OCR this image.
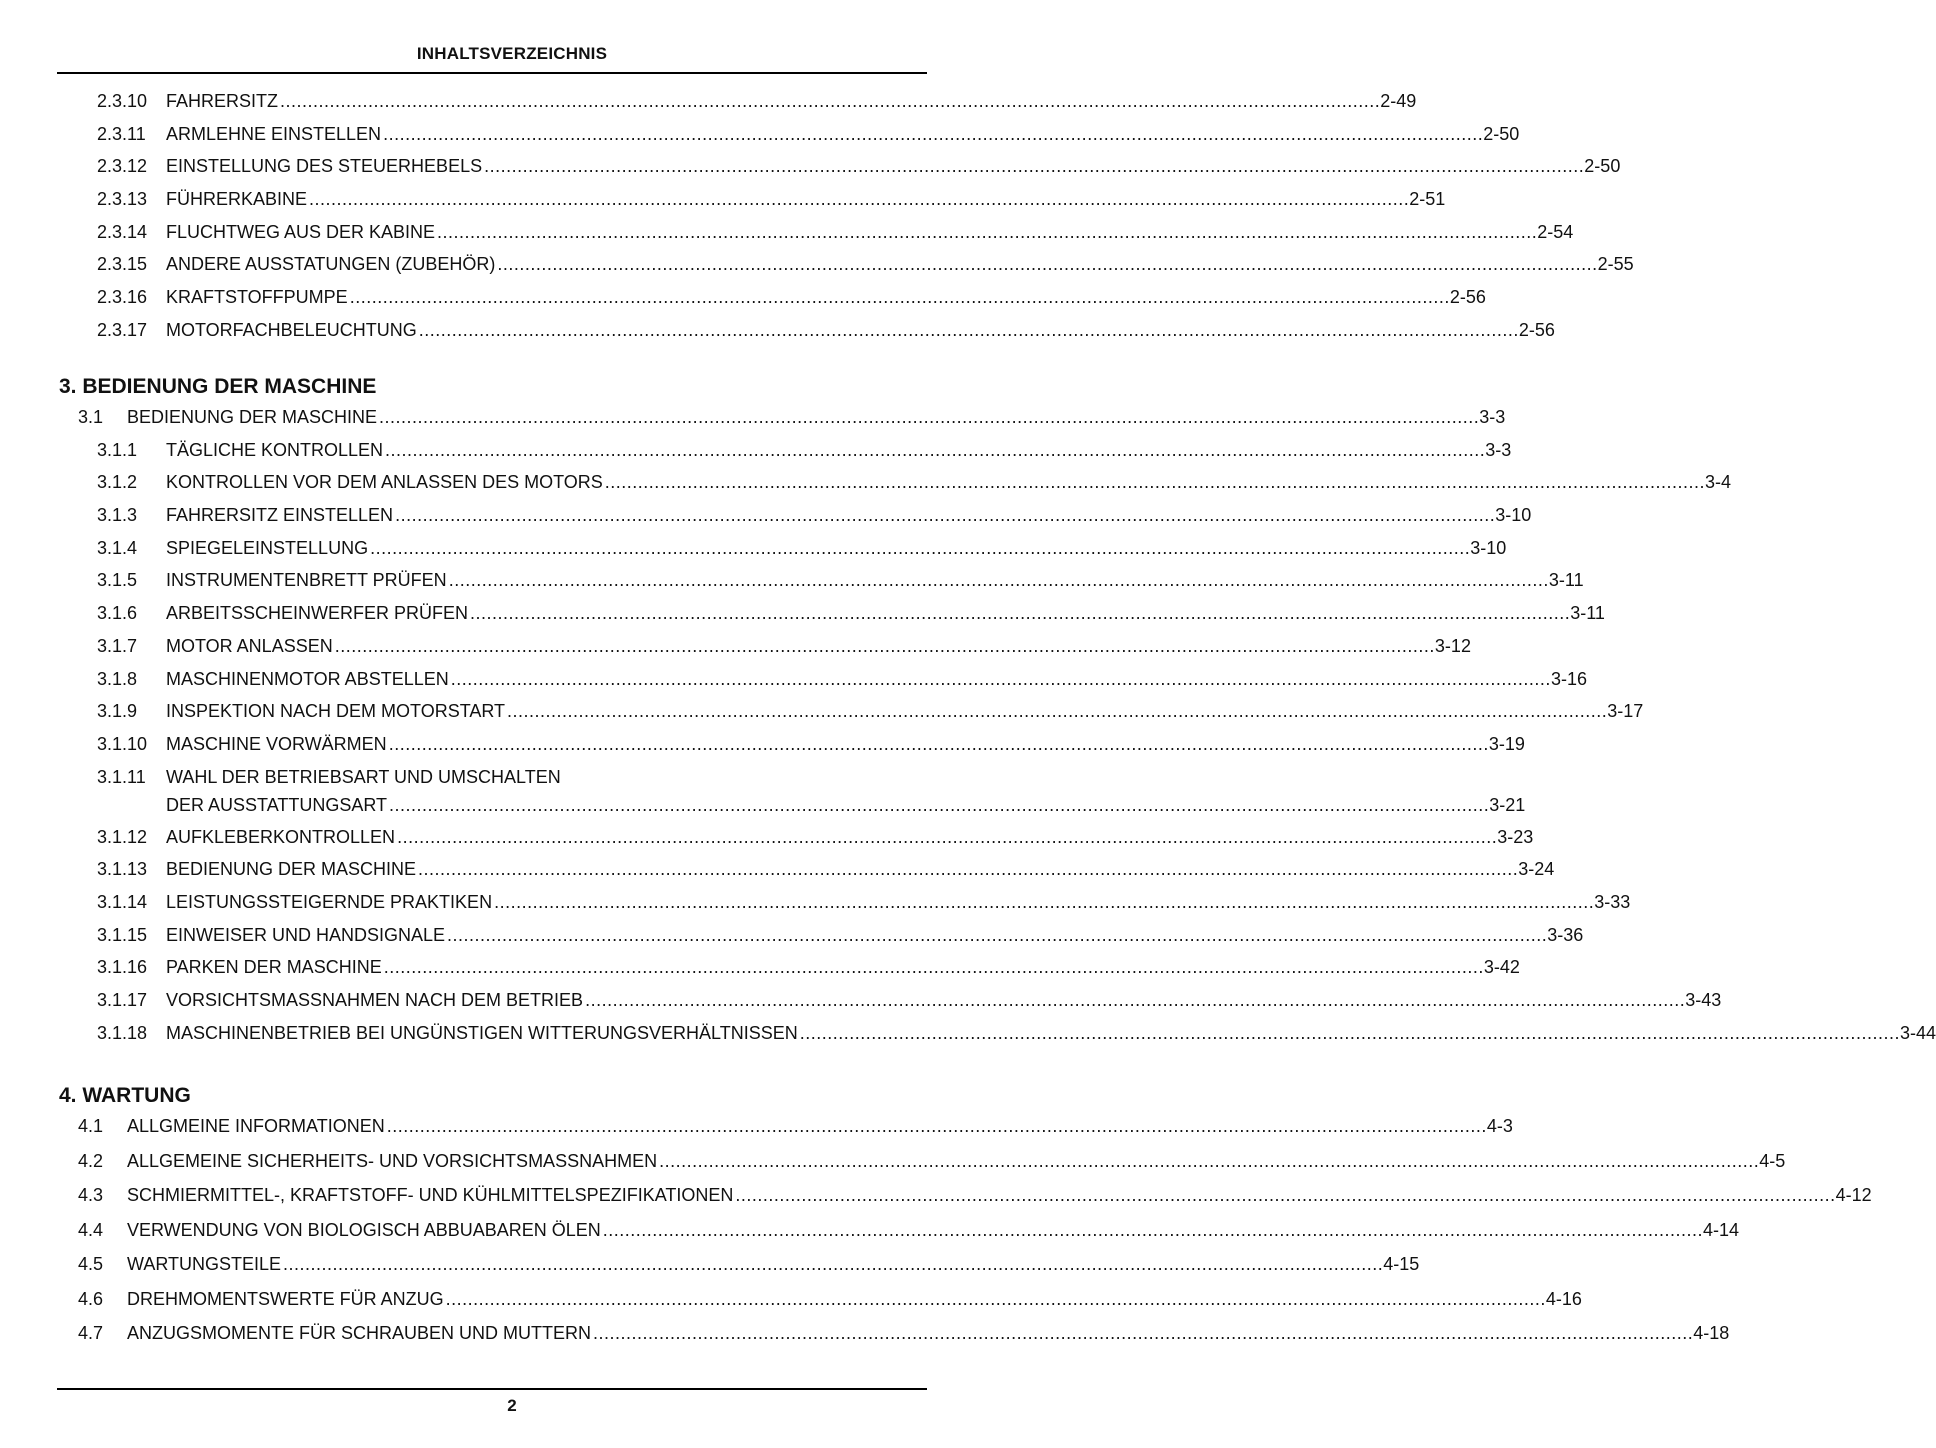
INHALTSVERZEICHNIS
2.3.10 FAHRERSITZ ........................................................................................................................................................................................................ 2-49
2.3.11 ARMLEHNE EINSTELLEN ........................................................................................................................................................................................................ 2-50
2.3.12 EINSTELLUNG DES STEUERHEBELS ........................................................................................................................................................................................................ 2-50
2.3.13 FÜHRERKABINE ........................................................................................................................................................................................................ 2-51
2.3.14 FLUCHTWEG AUS DER KABINE ........................................................................................................................................................................................................ 2-54
2.3.15 ANDERE AUSSTATUNGEN (ZUBEHÖR) ........................................................................................................................................................................................................ 2-55
2.3.16 KRAFTSTOFFPUMPE ........................................................................................................................................................................................................ 2-56
2.3.17 MOTORFACHBELEUCHTUNG ........................................................................................................................................................................................................ 2-56
3. BEDIENUNG DER MASCHINE
3.1 BEDIENUNG DER MASCHINE ........................................................................................................................................................................................................ 3-3
3.1.1 TÄGLICHE KONTROLLEN ........................................................................................................................................................................................................ 3-3
3.1.2 KONTROLLEN VOR DEM ANLASSEN DES MOTORS ........................................................................................................................................................................................................ 3-4
3.1.3 FAHRERSITZ EINSTELLEN ........................................................................................................................................................................................................ 3-10
3.1.4 SPIEGELEINSTELLUNG ........................................................................................................................................................................................................ 3-10
3.1.5 INSTRUMENTENBRETT PRÜFEN ........................................................................................................................................................................................................ 3-11
3.1.6 ARBEITSSCHEINWERFER PRÜFEN ........................................................................................................................................................................................................ 3-11
3.1.7 MOTOR ANLASSEN ........................................................................................................................................................................................................ 3-12
3.1.8 MASCHINENMOTOR ABSTELLEN ........................................................................................................................................................................................................ 3-16
3.1.9 INSPEKTION NACH DEM MOTORSTART ........................................................................................................................................................................................................ 3-17
3.1.10 MASCHINE VORWÄRMEN ........................................................................................................................................................................................................ 3-19
3.1.11 WAHL DER BETRIEBSART UND UMSCHALTEN
DER AUSSTATTUNGSART ........................................................................................................................................................................................................ 3-21
3.1.12 AUFKLEBERKONTROLLEN ........................................................................................................................................................................................................ 3-23
3.1.13 BEDIENUNG DER MASCHINE ........................................................................................................................................................................................................ 3-24
3.1.14 LEISTUNGSSTEIGERNDE PRAKTIKEN ........................................................................................................................................................................................................ 3-33
3.1.15 EINWEISER UND HANDSIGNALE ........................................................................................................................................................................................................ 3-36
3.1.16 PARKEN DER MASCHINE ........................................................................................................................................................................................................ 3-42
3.1.17 VORSICHTSMASSNAHMEN NACH DEM BETRIEB ........................................................................................................................................................................................................ 3-43
3.1.18 MASCHINENBETRIEB BEI UNGÜNSTIGEN WITTERUNGSVERHÄLTNISSEN ........................................................................................................................................................................................................ 3-44
4. WARTUNG
4.1 ALLGMEINE INFORMATIONEN ........................................................................................................................................................................................................ 4-3
4.2 ALLGEMEINE SICHERHEITS- UND VORSICHTSMASSNAHMEN ........................................................................................................................................................................................................ 4-5
4.3 SCHMIERMITTEL-, KRAFTSTOFF- UND KÜHLMITTELSPEZIFIKATIONEN ........................................................................................................................................................................................................ 4-12
4.4 VERWENDUNG VON BIOLOGISCH ABBUABAREN ÖLEN ........................................................................................................................................................................................................ 4-14
4.5 WARTUNGSTEILE ........................................................................................................................................................................................................ 4-15
4.6 DREHMOMENTSWERTE FÜR ANZUG ........................................................................................................................................................................................................ 4-16
4.7 ANZUGSMOMENTE FÜR SCHRAUBEN UND MUTTERN ........................................................................................................................................................................................................ 4-18
2
